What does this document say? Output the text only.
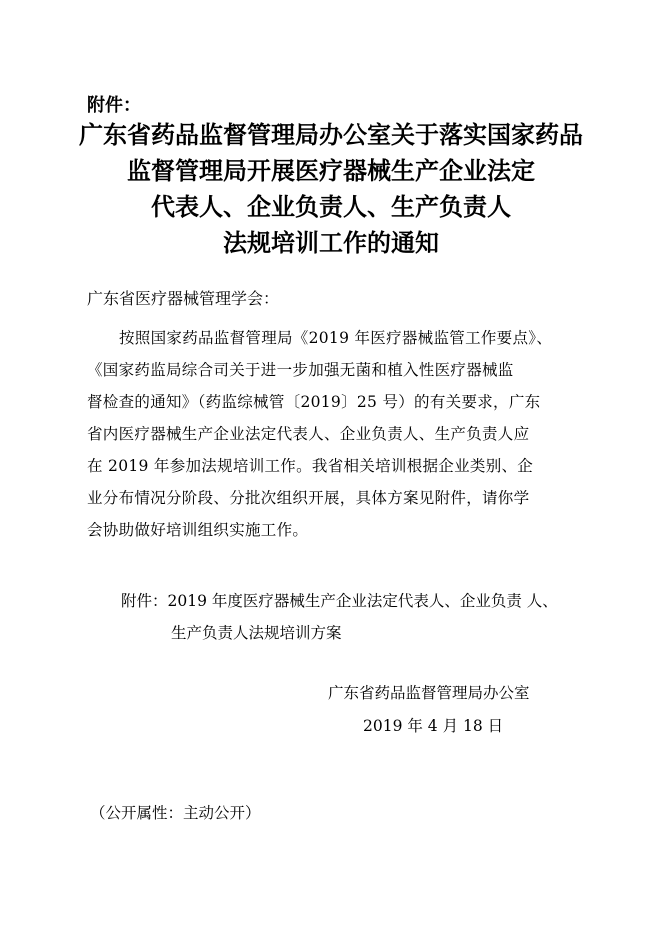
附件：
广东省药品监督管理局办公室关于落实国家药品
监督管理局开展医疗器械生产企业法定
代表人、企业负责人、生产负责人
法规培训工作的通知
广东省医疗器械管理学会：
按照国家药品监督管理局《2019 年医疗器械监管工作要点》、
《国家药监局综合司关于进一步加强无菌和植入性医疗器械监
督检查的通知》（药监综械管〔2019〕25 号）的有关要求，广东
省内医疗器械生产企业法定代表人、企业负责人、生产负责人应
在 2019 年参加法规培训工作。我省相关培训根据企业类别、企
业分布情况分阶段、分批次组织开展，具体方案见附件，请你学
会协助做好培训组织实施工作。
附件：2019 年度医疗器械生产企业法定代表人、企业负责 人、
生产负责人法规培训方案
广东省药品监督管理局办公室
2019 年 4 月 18 日
（公开属性：主动公开）
